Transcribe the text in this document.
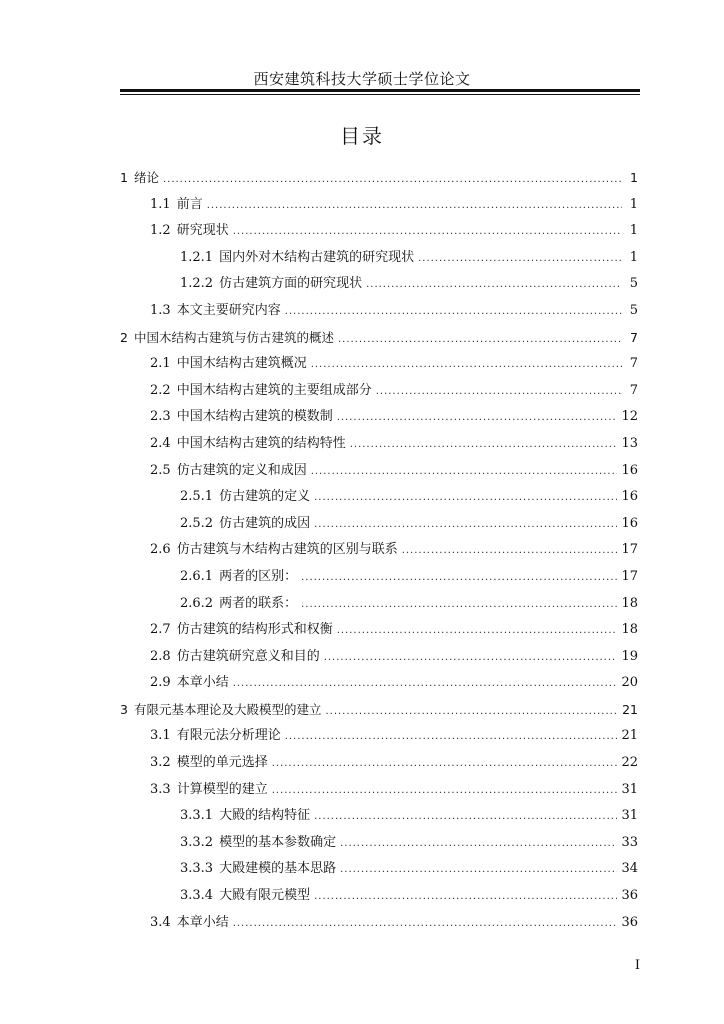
西安建筑科技大学硕士学位论文
目录
1 绪论 .....	1
1.1 前言 .....	1
1.2 研究现状 .....	1
1.2.1 国内外对木结构古建筑的研究现状 .....	1
1.2.2 仿古建筑方面的研究现状 .....	5
1.3 本文主要研究内容 .....	5
2 中国木结构古建筑与仿古建筑的概述 .....	7
2.1 中国木结构古建筑概况 .....	7
2.2 中国木结构古建筑的主要组成部分 .....	7
2.3 中国木结构古建筑的模数制 .....	12
2.4 中国木结构古建筑的结构特性 .....	13
2.5 仿古建筑的定义和成因 .....	16
2.5.1 仿古建筑的定义 .....	16
2.5.2 仿古建筑的成因 .....	16
2.6 仿古建筑与木结构古建筑的区别与联系 .....	17
2.6.1 两者的区别： .....	17
2.6.2 两者的联系： .....	18
2.7 仿古建筑的结构形式和权衡 .....	18
2.8 仿古建筑研究意义和目的 .....	19
2.9 本章小结 .....	20
3 有限元基本理论及大殿模型的建立 .....	21
3.1 有限元法分析理论 .....	21
3.2 模型的单元选择 .....	22
3.3 计算模型的建立 .....	31
3.3.1 大殿的结构特征 .....	31
3.3.2 模型的基本参数确定 .....	33
3.3.3 大殿建模的基本思路 .....	34
3.3.4 大殿有限元模型 .....	36
3.4 本章小结 .....	36
I
